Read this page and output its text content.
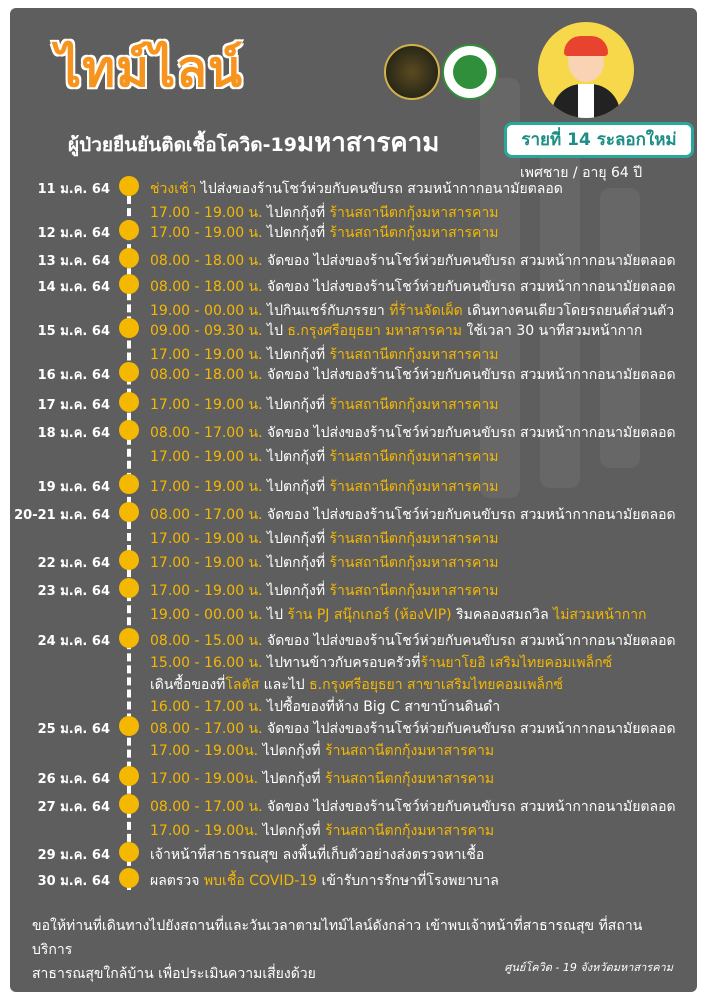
ไทม์ไลน์
ผู้ป่วยยืนยันติดเชื้อโควิด-19มหาสารคาม	รายที่ 14 ระลอกใหม่
เพศชาย / อายุ 64 ปี
11 ม.ค. 64	ช่วงเช้า ไปส่งของร้านโชว์ห่วยกับคนขับรถ สวมหน้ากากอนามัยตลอด
17.00 - 19.00 น. ไปตกกุ้งที่ ร้านสถานีตกกุ้งมหาสารคาม
12 ม.ค. 64	17.00 - 19.00 น. ไปตกกุ้งที่ ร้านสถานีตกกุ้งมหาสารคาม
13 ม.ค. 64	08.00 - 18.00 น. จัดของ ไปส่งของร้านโชว์ห่วยกับคนขับรถ สวมหน้ากากอนามัยตลอด
14 ม.ค. 64	08.00 - 18.00 น. จัดของ ไปส่งของร้านโชว์ห่วยกับคนขับรถ สวมหน้ากากอนามัยตลอด
19.00 - 00.00 น. ไปกินแชร์กับภรรยา ที่ร้านจัดเผ็ด เดินทางคนเดียวโดยรถยนต์ส่วนตัว
15 ม.ค. 64	09.00 - 09.30 น. ไป ธ.กรุงศรีอยุธยา มหาสารคาม ใช้เวลา 30 นาทีสวมหน้ากาก
17.00 - 19.00 น. ไปตกกุ้งที่ ร้านสถานีตกกุ้งมหาสารคาม
16 ม.ค. 64	08.00 - 18.00 น. จัดของ ไปส่งของร้านโชว์ห่วยกับคนขับรถ สวมหน้ากากอนามัยตลอด
17 ม.ค. 64	17.00 - 19.00 น. ไปตกกุ้งที่ ร้านสถานีตกกุ้งมหาสารคาม
18 ม.ค. 64	08.00 - 17.00 น. จัดของ ไปส่งของร้านโชว์ห่วยกับคนขับรถ สวมหน้ากากอนามัยตลอด
17.00 - 19.00 น. ไปตกกุ้งที่ ร้านสถานีตกกุ้งมหาสารคาม
19 ม.ค. 64	17.00 - 19.00 น. ไปตกกุ้งที่ ร้านสถานีตกกุ้งมหาสารคาม
20-21 ม.ค. 64	08.00 - 17.00 น. จัดของ ไปส่งของร้านโชว์ห่วยกับคนขับรถ สวมหน้ากากอนามัยตลอด
17.00 - 19.00 น. ไปตกกุ้งที่ ร้านสถานีตกกุ้งมหาสารคาม
22 ม.ค. 64	17.00 - 19.00 น. ไปตกกุ้งที่ ร้านสถานีตกกุ้งมหาสารคาม
23 ม.ค. 64	17.00 - 19.00 น. ไปตกกุ้งที่ ร้านสถานีตกกุ้งมหาสารคาม
19.00 - 00.00 น. ไป ร้าน PJ สนุ๊กเกอร์ (ห้องVIP) ริมคลองสมถวิล ไม่สวมหน้ากาก
24 ม.ค. 64	08.00 - 15.00 น. จัดของ ไปส่งของร้านโชว์ห่วยกับคนขับรถ สวมหน้ากากอนามัยตลอด
15.00 - 16.00 น. ไปทานข้าวกับครอบครัวที่ร้านยาโยอิ เสริมไทยคอมเพล็กซ์
เดินซื้อของที่โลตัส และไป ธ.กรุงศรีอยุธยา สาขาเสริมไทยคอมเพล็กซ์
16.00 - 17.00 น. ไปซื้อของที่ห้าง Big C สาขาบ้านดินดำ
25 ม.ค. 64	08.00 - 17.00 น. จัดของ ไปส่งของร้านโชว์ห่วยกับคนขับรถ สวมหน้ากากอนามัยตลอด
17.00 - 19.00น. ไปตกกุ้งที่ ร้านสถานีตกกุ้งมหาสารคาม
26 ม.ค. 64	17.00 - 19.00น. ไปตกกุ้งที่ ร้านสถานีตกกุ้งมหาสารคาม
27 ม.ค. 64	08.00 - 17.00 น. จัดของ ไปส่งของร้านโชว์ห่วยกับคนขับรถ สวมหน้ากากอนามัยตลอด
17.00 - 19.00น. ไปตกกุ้งที่ ร้านสถานีตกกุ้งมหาสารคาม
29 ม.ค. 64	เจ้าหน้าที่สาธารณสุข ลงพื้นที่เก็บตัวอย่างส่งตรวจหาเชื้อ
30 ม.ค. 64	ผลตรวจ พบเชื้อ COVID-19 เข้ารับการรักษาที่โรงพยาบาล
ขอให้ท่านที่เดินทางไปยังสถานที่และวันเวลาตามไทม์ไลน์ดังกล่าว เข้าพบเจ้าหน้าที่สาธารณสุข ที่สถานบริการ
สาธารณสุขใกล้บ้าน เพื่อประเมินความเสี่ยงด้วย	ศูนย์โควิด - 19 จังหวัดมหาสารคาม
